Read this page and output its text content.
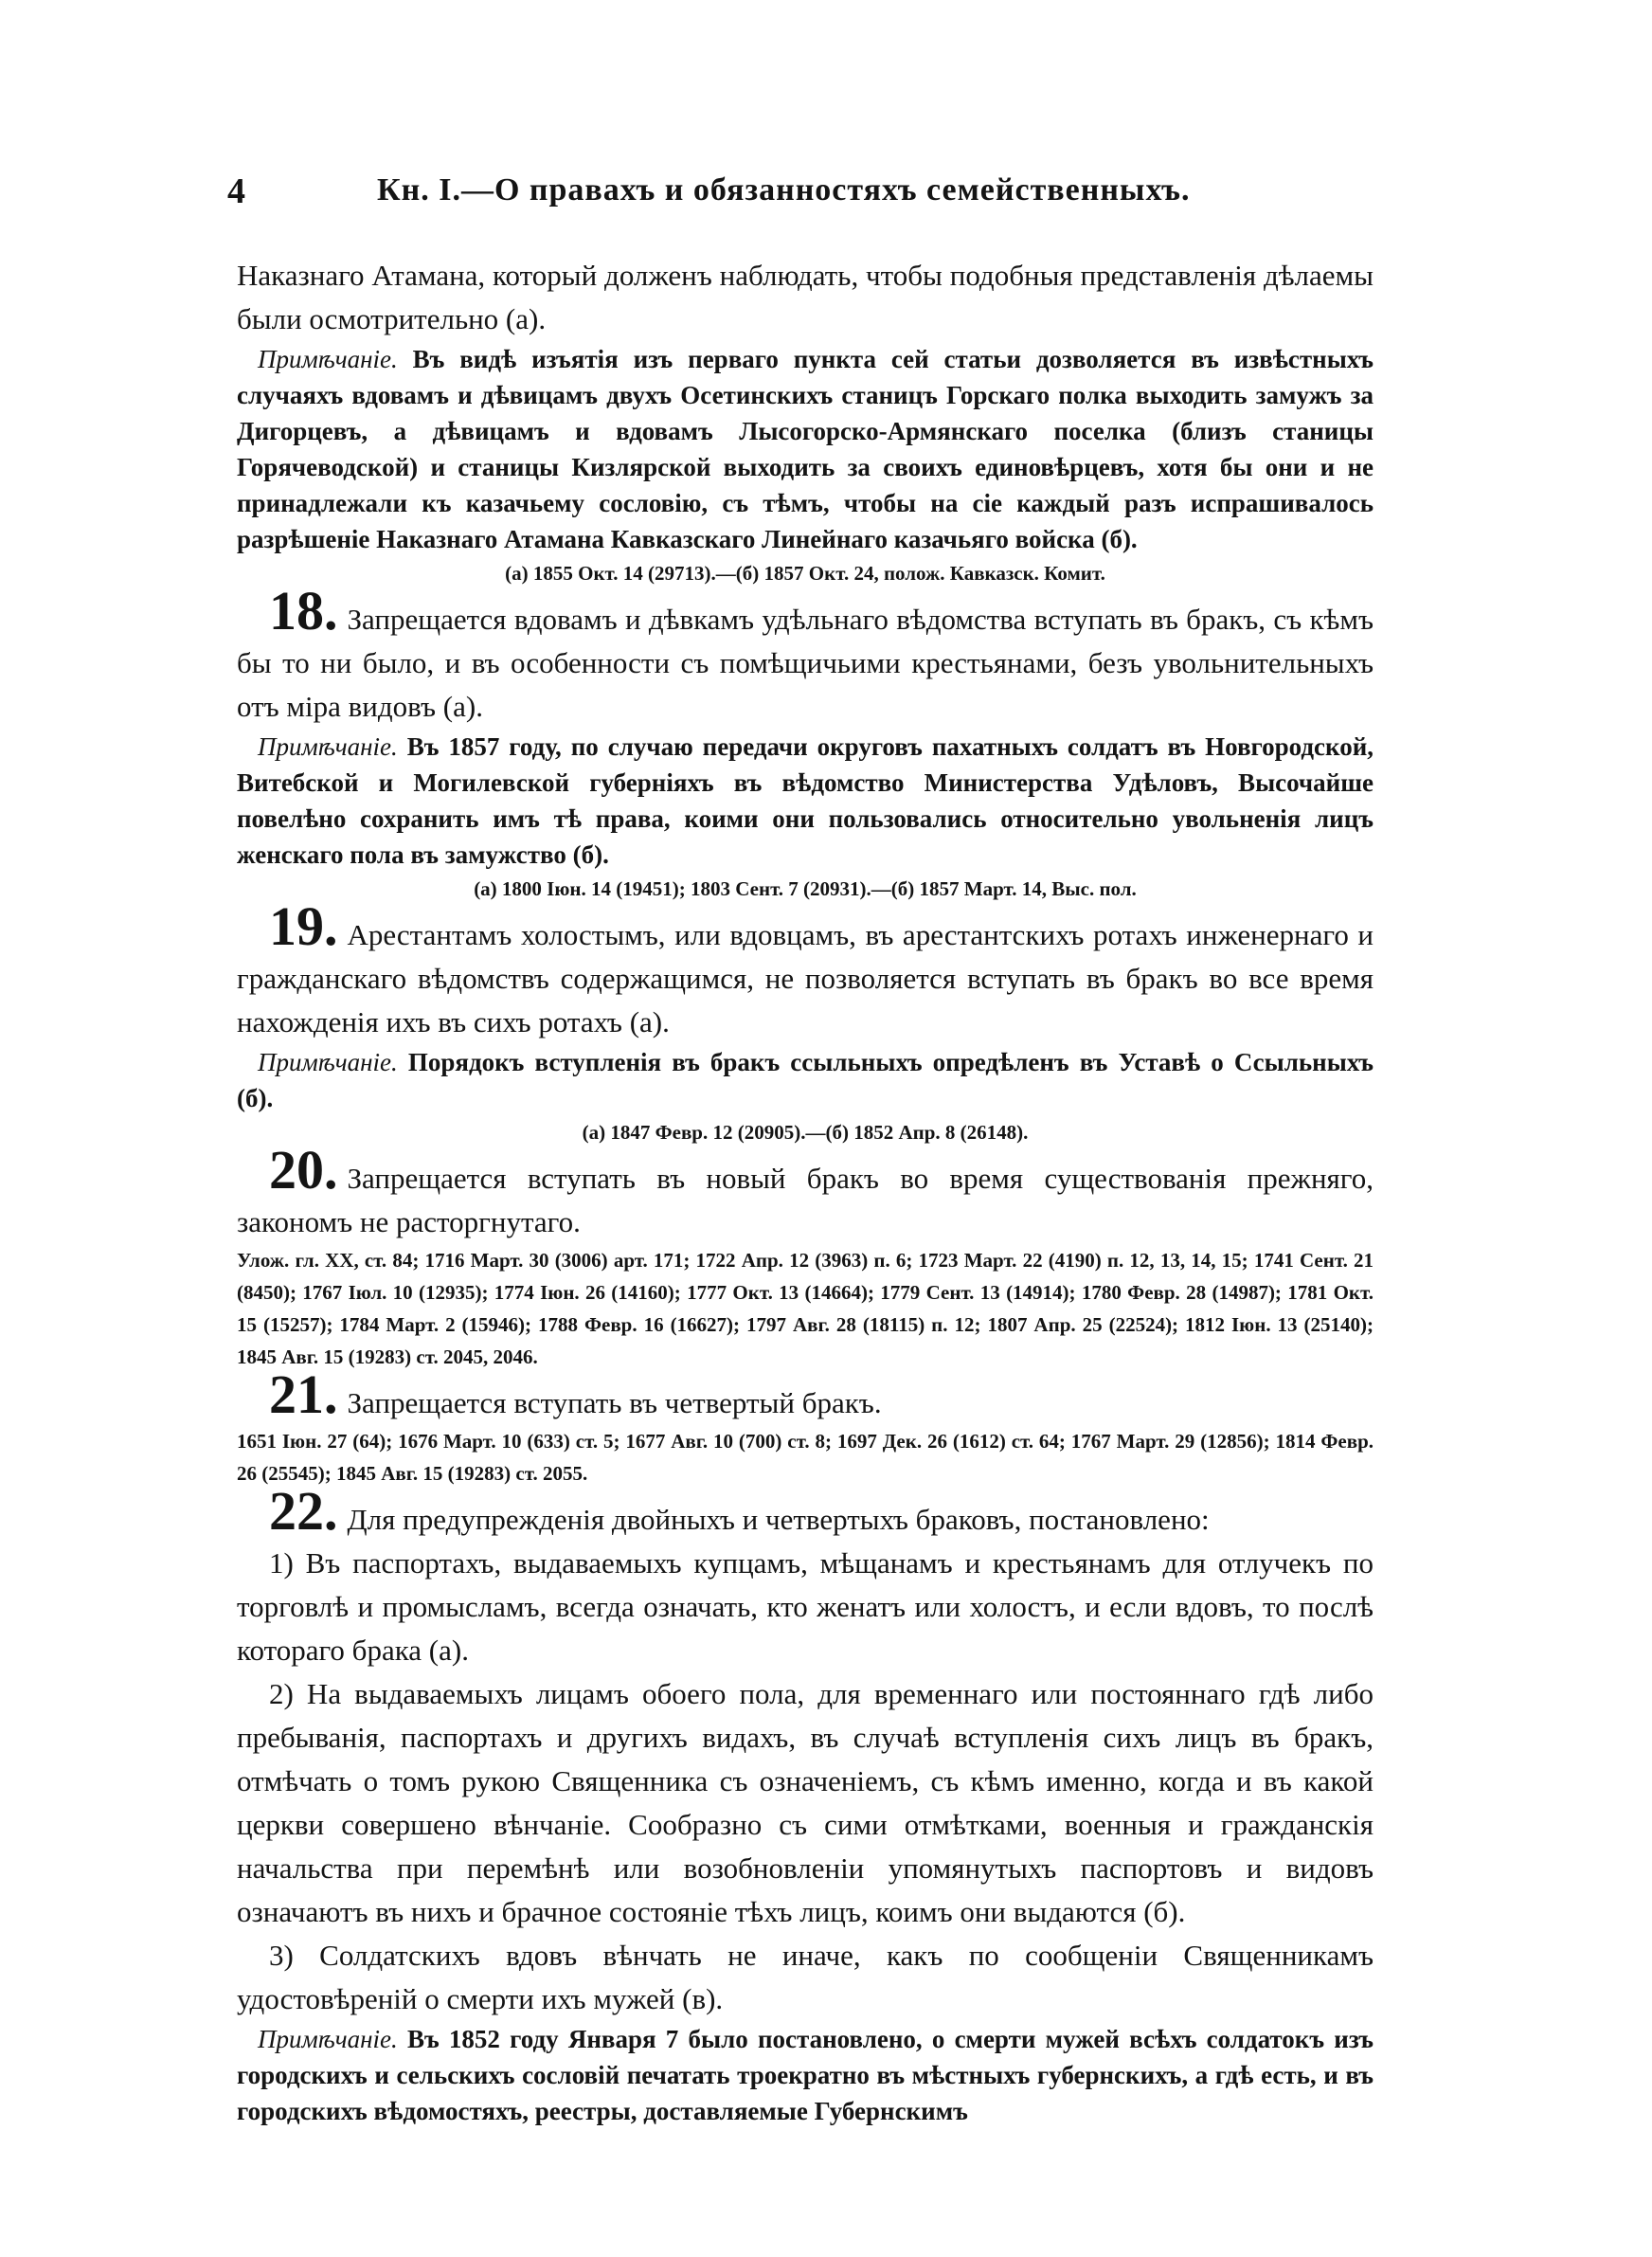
4	Кн. I.—О правахъ и обязанностяхъ семейственныхъ.

Наказнаго Атамана, который долженъ наблюдать, чтобы подобныя представленія дѣлаемы были осмотрительно (а).

Примѣчаніе. Въ видѣ изъятія изъ перваго пункта сей статьи дозволяется въ извѣстныхъ случаяхъ вдовамъ и дѣвицамъ двухъ Осетинскихъ станицъ Горскаго полка выходить замужъ за Дигорцевъ, а дѣвицамъ и вдовамъ Лысогорско-Армянскаго поселка (близъ станицы Горячеводской) и станицы Кизлярской выходить за своихъ единовѣрцевъ, хотя бы они и не принадлежали къ казачьему сословію, съ тѣмъ, чтобы на сіе каждый разъ испрашивалось разрѣшеніе Наказнаго Атамана Кавказскаго Линейнаго казачьяго войска (б).

(а) 1855 Окт. 14 (29713).—(б) 1857 Окт. 24, полож. Кавказск. Комит.

18. Запрещается вдовамъ и дѣвкамъ удѣльнаго вѣдомства вступать въ бракъ, съ кѣмъ бы то ни было, и въ особенности съ помѣщичьими крестьянами, безъ увольнительныхъ отъ міра видовъ (а).

Примѣчаніе. Въ 1857 году, по случаю передачи округовъ пахатныхъ солдатъ въ Новгородской, Витебской и Могилевской губерніяхъ въ вѣдомство Министерства Удѣловъ, Высочайше повелѣно сохранить имъ тѣ права, коими они пользовались относительно увольненія лицъ женскаго пола въ замужство (б).

(а) 1800 Іюн. 14 (19451); 1803 Сент. 7 (20931).—(б) 1857 Март. 14, Выс. пол.

19. Арестантамъ холостымъ, или вдовцамъ, въ арестантскихъ ротахъ инженернаго и гражданскаго вѣдомствъ содержащимся, не позволяется вступать въ бракъ во все время нахожденія ихъ въ сихъ ротахъ (а).

Примѣчаніе. Порядокъ вступленія въ бракъ ссыльныхъ опредѣленъ въ Уставѣ о Ссыльныхъ (б).

(а) 1847 Февр. 12 (20905).—(б) 1852 Апр. 8 (26148).

20. Запрещается вступать въ новый бракъ во время существованія прежняго, закономъ не расторгнутаго.

Улож. гл. XX, ст. 84; 1716 Март. 30 (3006) арт. 171; 1722 Апр. 12 (3963) п. 6; 1723 Март. 22 (4190) п. 12, 13, 14, 15; 1741 Сент. 21 (8450); 1767 Іюл. 10 (12935); 1774 Іюн. 26 (14160); 1777 Окт. 13 (14664); 1779 Сент. 13 (14914); 1780 Февр. 28 (14987); 1781 Окт. 15 (15257); 1784 Март. 2 (15946); 1788 Февр. 16 (16627); 1797 Авг. 28 (18115) п. 12; 1807 Апр. 25 (22524); 1812 Іюн. 13 (25140); 1845 Авг. 15 (19283) ст. 2045, 2046.

21. Запрещается вступать въ четвертый бракъ.

1651 Іюн. 27 (64); 1676 Март. 10 (633) ст. 5; 1677 Авг. 10 (700) ст. 8; 1697 Дек. 26 (1612) ст. 64; 1767 Март. 29 (12856); 1814 Февр. 26 (25545); 1845 Авг. 15 (19283) ст. 2055.

22. Для предупрежденія двойныхъ и четвертыхъ браковъ, постановлено:

1) Въ паспортахъ, выдаваемыхъ купцамъ, мѣщанамъ и крестьянамъ для отлучекъ по торговлѣ и промысламъ, всегда означать, кто женатъ или холостъ, и если вдовъ, то послѣ котораго брака (а).

2) На выдаваемыхъ лицамъ обоего пола, для временнаго или постояннаго гдѣ либо пребыванія, паспортахъ и другихъ видахъ, въ случаѣ вступленія сихъ лицъ въ бракъ, отмѣчать о томъ рукою Священника съ означеніемъ, съ кѣмъ именно, когда и въ какой церкви совершено вѣнчаніе. Сообразно съ сими отмѣтками, военныя и гражданскія начальства при перемѣнѣ или возобновленіи упомянутыхъ паспортовъ и видовъ означаютъ въ нихъ и брачное состояніе тѣхъ лицъ, коимъ они выдаются (б).

3) Солдатскихъ вдовъ вѣнчать не иначе, какъ по сообщеніи Священникамъ удостовѣреній о смерти ихъ мужей (в).

Примѣчаніе. Въ 1852 году Января 7 было постановлено, о смерти мужей всѣхъ солдатокъ изъ городскихъ и сельскихъ сословій печатать троекратно въ мѣстныхъ губернскихъ, а гдѣ есть, и въ городскихъ вѣдомостяхъ, реестры, доставляемые Губернскимъ
